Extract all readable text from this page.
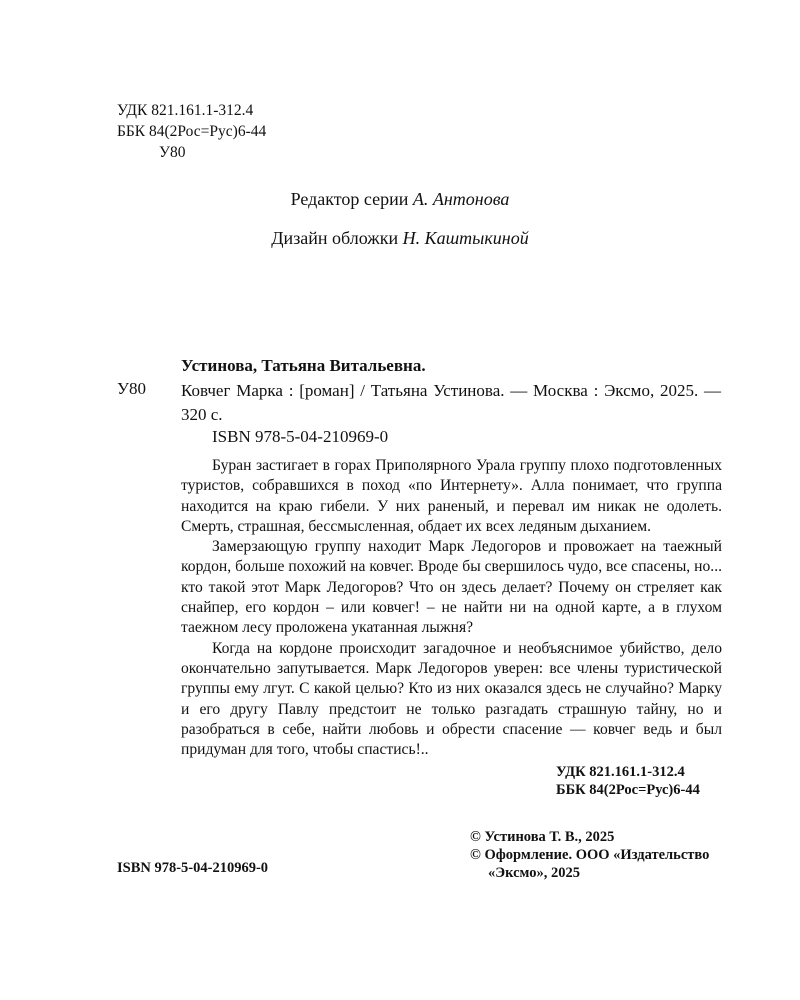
УДК 821.161.1-312.4
ББК 84(2Рос=Рус)6-44
У80
Редактор серии А. Антонова
Дизайн обложки Н. Каштыкиной
Устинова, Татьяна Витальевна.
У80 Ковчег Марка : [роман] / Татьяна Устинова. — Москва : Эксмо, 2025. — 320 с.

ISBN 978-5-04-210969-0

Буран застигает в горах Приполярного Урала группу плохо подготовленных туристов, собравшихся в поход «по Интернету». Алла понимает, что группа находится на краю гибели. У них раненый, и перевал им никак не одолеть. Смерть, страшная, бессмысленная, обдает их всех ледяным дыханием.

Замерзающую группу находит Марк Ледогоров и провожает на таежный кордон, больше похожий на ковчег. Вроде бы свершилось чудо, все спасены, но... кто такой этот Марк Ледогоров? Что он здесь делает? Почему он стреляет как снайпер, его кордон – или ковчег! – не найти ни на одной карте, а в глухом таежном лесу проложена укатанная лыжня?

Когда на кордоне происходит загадочное и необъяснимое убийство, дело окончательно запутывается. Марк Ледогоров уверен: все члены туристической группы ему лгут. С какой целью? Кто из них оказался здесь не случайно? Марку и его другу Павлу предстоит не только разгадать страшную тайну, но и разобраться в себе, найти любовь и обрести спасение — ковчег ведь и был придуман для того, чтобы спастись!..

УДК 821.161.1-312.4
ББК 84(2Рос=Рус)6-44
ISBN 978-5-04-210969-0
© Устинова Т. В., 2025
© Оформление. ООО «Издательство
«Эксмо», 2025
